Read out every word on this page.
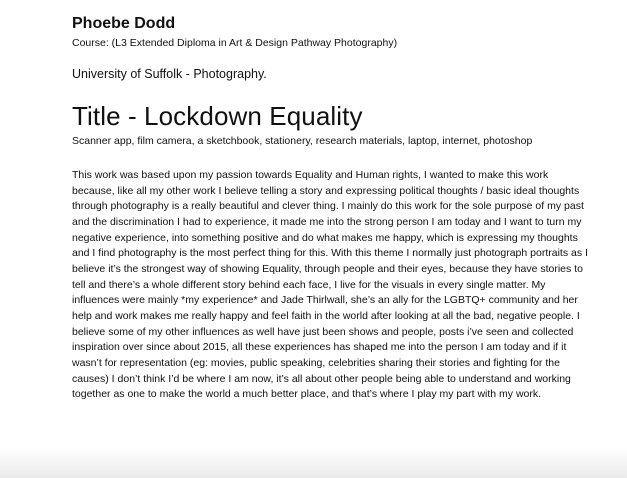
Phoebe Dodd

Course: (L3 Extended Diploma in Art & Design Pathway Photography)

University of Suffolk - Photography.

Title - Lockdown Equality

Scanner app, film camera, a sketchbook, stationery, research materials, laptop, internet, photoshop

This work was based upon my passion towards Equality and Human rights, I wanted to make this work because, like all my other work I believe telling a story and expressing political thoughts / basic ideal thoughts through photography is a really beautiful and clever thing. I mainly do this work for the sole purpose of my past and the discrimination I had to experience, it made me into the strong person I am today and I want to turn my negative experience, into something positive and do what makes me happy, which is expressing my thoughts and I find photography is the most perfect thing for this. With this theme I normally just photograph portraits as I believe it’s the strongest way of showing Equality, through people and their eyes, because they have stories to tell and there’s a whole different story behind each face, I live for the visuals in every single matter. My influences were mainly *my experience* and Jade Thirlwall, she’s an ally for the LGBTQ+ community and her help and work makes me really happy and feel faith in the world after looking at all the bad, negative people. I believe some of my other influences as well have just been shows and people, posts i’ve seen and collected inspiration over since about 2015, all these experiences has shaped me into the person I am today and if it wasn’t for representation (eg: movies, public speaking, celebrities sharing their stories and fighting for the causes) I don’t think I’d be where I am now, it’s all about other people being able to understand and working together as one to make the world a much better place, and that’s where I play my part with my work.
